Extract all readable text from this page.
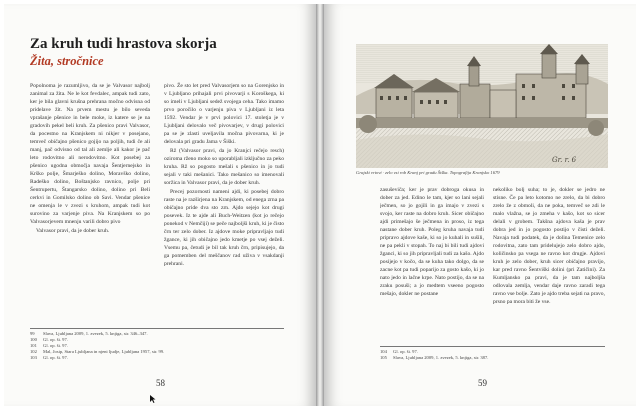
Za kruh tudi hrastova skorja
Žita, stročnice

Popolnoma je razumljivo, da se je Valvasor najbolj zanimal za žita. Ne le kot fevdalec, ampak tudi zato, ker je bila glavni krušna prehrana močno odvisna od pridelave žit. Na prvem mestu je bilo seveda vprašanje pšenice in bele moke, iz katere se je na gradovih pekel beli kruh. Za pšenico pravi Valvasor, da pocestno na Kranjskem ni nikjer v posejano, temveč običajno pšenico gojijo na poljih, tudi če ali manj, pač odvisno od tal ali zemlje ali kakor je pač leto rodovitno ali nerodovitno. Kot posebej za pšenico ugodna območja navaja Šentjernejsko in Krško polje, Šmarješko dolino, Moravško dolino, Radeško dolino, Boštanjsko ravnico, polje pri Šentrupertu, Štangarsko dolino, dolino pri Beli cerkvi in Gomilsko dolino ob Savi. Vendar pšenice ne omenja le v zvezi s kruhom, ampak tudi kot surovino za varjenje piva. Na Kranjskem so po Valvasorjevem mnenju varili dobro pivo

Valvasor pravi, da je dober kruh.

pivo. Že sto let pred Valvasorjem so na Gorenjsko in v Ljubljano prihajali prvi pivovarji s Koroškega, ki so imeli v Ljubljani sedež svojega ceha. Tako imamo prvo poročilo o varjenju piva v Ljubljani iz leta 1592. Vendar je v prvi polovici 17. stoletja je v Ljubljani delovalo več pivovarjev, v drugi polovici pa se je zlasti uveljavila močna pivovarna, ki je delovala pri gradu Jama v Šiški.

Rž (Valvasor pravi, da jo Kranjci rečejo resch) oziroma rženo moko so uporabljali izključno za peko kruha. Rž so pogosto mešali s pšenico in jo tudi sejali v taki mešanici. Tako mešanico so imenovali soržica in Valvasor pravi, da je dober kruh.

Precej pozornosti nameni ajdi, ki posebej dobro raste na je razširjena na Kranjskem, od enega zrna pa običajno pride dva sto zrn. Ajdo sejejo kot drugi posevek. Iz te ajde ali Buch-Weitzen (kot jo rečejo ponekod v Nemčiji) se peče najboljši kruh, ki je čisto črn ter zelo dober. Iz ajdove moke pripravljajo tudi žgance, ki jih običajno jedo kmetje po vsej deželi. Vsemu pa, četudi je bil tak kruh črn, pripisujejo, da ga pomemben del meščanov rad uživa v vsakdanji prehrani.

99	Slava, Ljubljana 2009, 1. zvezek, 5. knjiga, str. 346–347.
100	Gl. op. št. 97.
101	Gl. op. št. 97.
102	Mal, Josip, Stara Ljubljana in njeni ljudje, Ljubljana 1957, str. 99.
103	Gl. op. št. 97.
58
Gr. r. 6
Grajski vrtovi · zelo vsi rob Kranj pri gradu Šiška. Topografija Kranjsko 1679

zasuševiča; ker je prav dobroga okusa in dober za jed. Edino le tam, kjer so lani sejali ječmen, so jo gojili in ga imajo v zvezi s svojo, ker raste na dobro kruh. Sicer običajno ajdi primešajo še ječmena in proso, iz tega nastane dober kruh. Poleg kruha navaja tudi pripravo ajdove kaše, ki so jo kuhali in sušili, ne pa pekli v stopah. To naj bi bili tudi ajdovi žganci, ki so jih pripravljali tudi za kašo. Ajdo posijejo v kočo, da se kuha tako dolgo, da se zacne kot pa tudi poparijo za gosto kašo, ki jo nato jedo in lačne krpe. Nato postijo, da se na zraku posuši; a jo medtem vseeno pogosto mešajo, dokler ne postane

nekoliko bolj suha; to je, dokler se jedro ne stisne. Če pa leto kotomo ne zrelo, da bi dobro zrelo že z obmoli, da ne poka, temveč se zdi le malo vlažna, se jo zmeha v kašo, kot so sicer delali v grobem. Takšna ajdova kaša je prav dobra jed in jo pogosto postijo v čisti deželi. Navaja tudi podatek, da je dolina Temenice zelo rodovitna, zato tam pridelujejo zelo dobro ajdo, količinsko pa vsega ne ravno kot drugje. Ajdovi kruh je zelo dober, kruh sicer običajno pravijo, kar pred ravno Šentviški dolini (pri Zatičini). Za Kumljansko pa pravi, da je tam najboljša odlovala zemlja, vendar daje ravno zaradi tega ravno vse bolje. Zato je ajdo treba sejati na pravo, prsno pa mora biti že vse.

104	Gl. op. št. 97.
105	Slava, Ljubljana 2009, 1. zvezek, 5. knjiga, str. 387.
59
